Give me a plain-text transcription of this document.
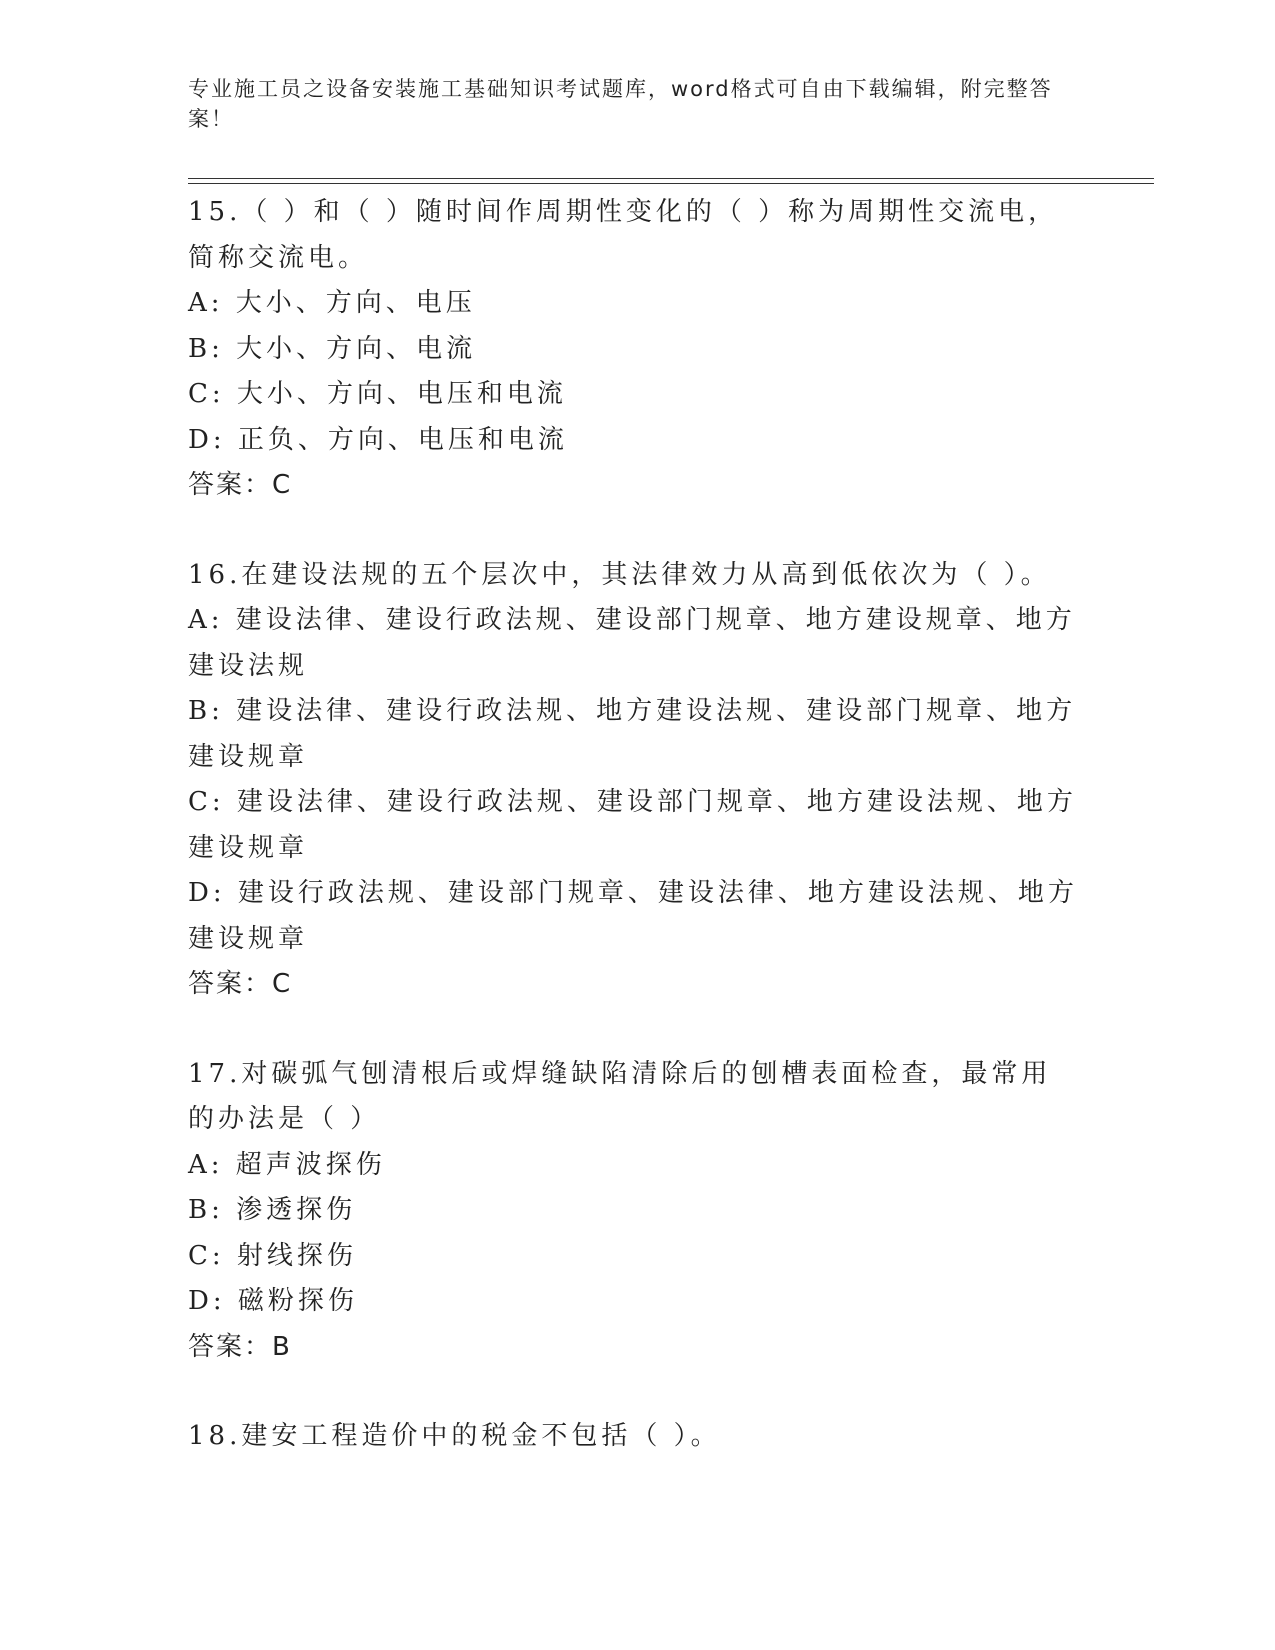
专业施工员之设备安装施工基础知识考试题库，word格式可自由下载编辑，附完整答案！

15.（ ）和（ ）随时间作周期性变化的（ ）称为周期性交流电，简称交流电。

A: 大小、方向、电压

B: 大小、方向、电流

C: 大小、方向、电压和电流

D: 正负、方向、电压和电流

答案：C

16.在建设法规的五个层次中，其法律效力从高到低依次为（ ）。

A: 建设法律、建设行政法规、建设部门规章、地方建设规章、地方建设法规

B: 建设法律、建设行政法规、地方建设法规、建设部门规章、地方建设规章

C: 建设法律、建设行政法规、建设部门规章、地方建设法规、地方建设规章

D: 建设行政法规、建设部门规章、建设法律、地方建设法规、地方建设规章

答案：C

17.对碳弧气刨清根后或焊缝缺陷清除后的刨槽表面检查，最常用的办法是（ ）

A: 超声波探伤

B: 渗透探伤

C: 射线探伤

D: 磁粉探伤

答案：B

18.建安工程造价中的税金不包括（ ）。
